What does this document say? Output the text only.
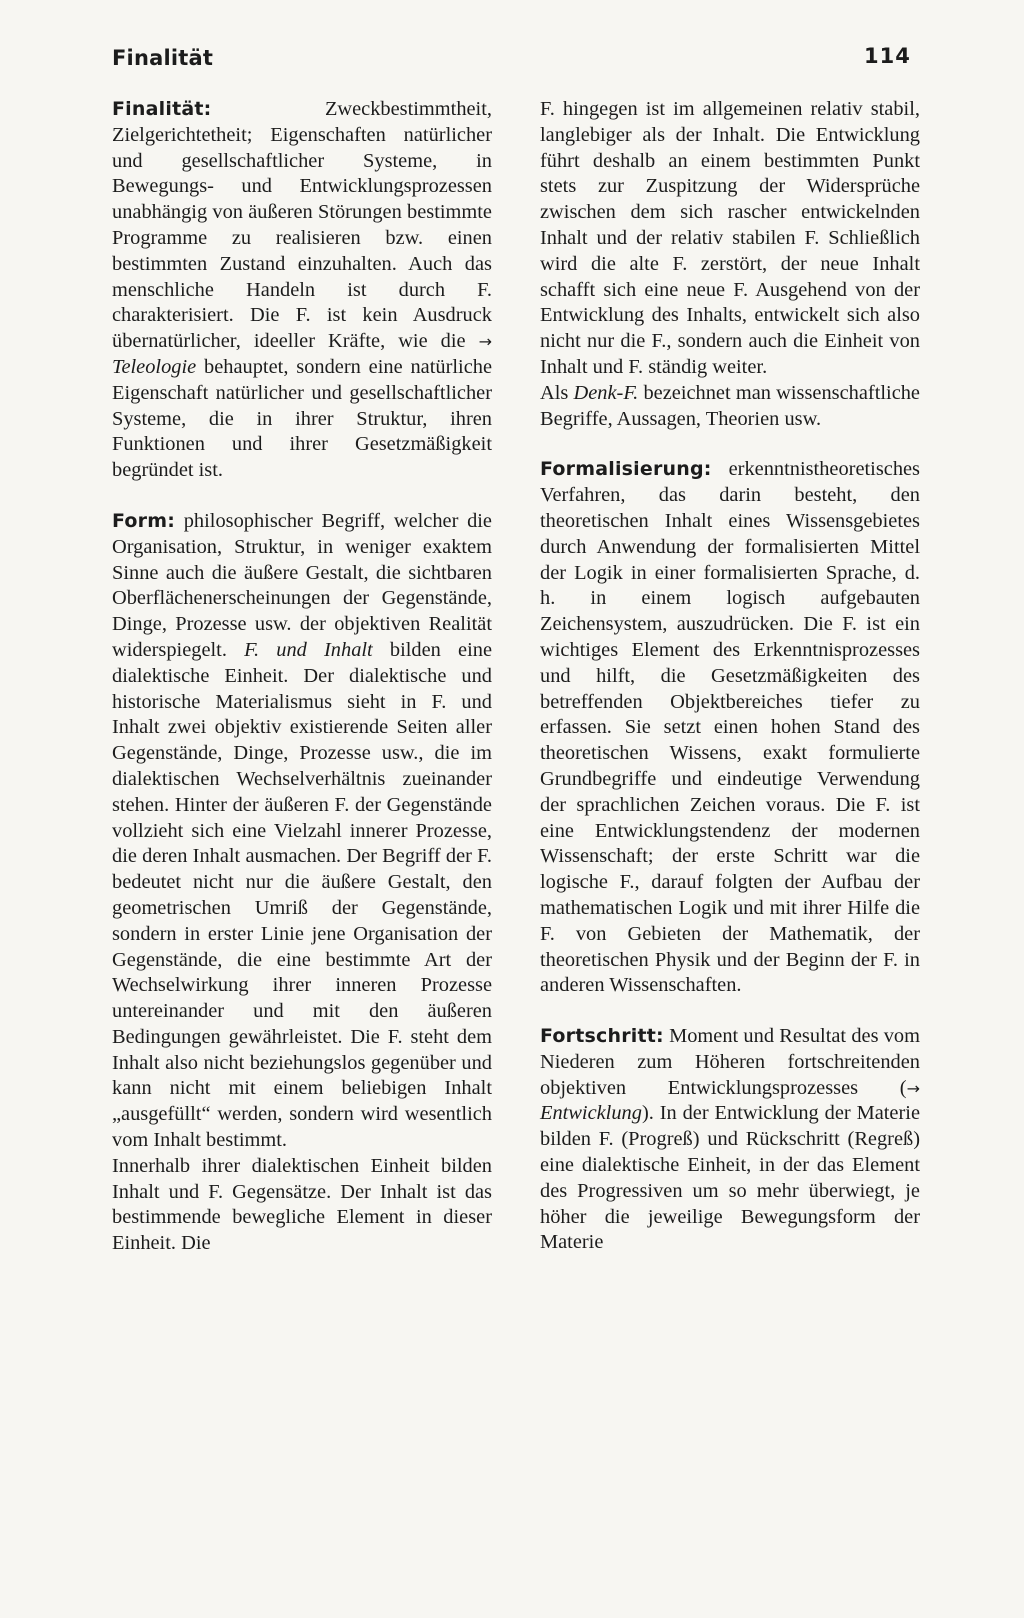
Finalität	114

Finalität: Zweckbestimmtheit, Zielgerichtetheit; Eigenschaften natürlicher und gesellschaftlicher Systeme, in Bewegungs- und Entwicklungsprozessen unabhängig von äußeren Störungen bestimmte Programme zu realisieren bzw. einen bestimmten Zustand einzuhalten. Auch das menschliche Handeln ist durch F. charakterisiert. Die F. ist kein Ausdruck übernatürlicher, ideeller Kräfte, wie die → Teleologie behauptet, sondern eine natürliche Eigenschaft natürlicher und gesellschaftlicher Systeme, die in ihrer Struktur, ihren Funktionen und ihrer Gesetzmäßigkeit begründet ist.

Form: philosophischer Begriff, welcher die Organisation, Struktur, in weniger exaktem Sinne auch die äußere Gestalt, die sichtbaren Oberflächenerscheinungen der Gegenstände, Dinge, Prozesse usw. der objektiven Realität widerspiegelt. F. und Inhalt bilden eine dialektische Einheit. Der dialektische und historische Materialismus sieht in F. und Inhalt zwei objektiv existierende Seiten aller Gegenstände, Dinge, Prozesse usw., die im dialektischen Wechselverhältnis zueinander stehen. Hinter der äußeren F. der Gegenstände vollzieht sich eine Vielzahl innerer Prozesse, die deren Inhalt ausmachen. Der Begriff der F. bedeutet nicht nur die äußere Gestalt, den geometrischen Umriß der Gegenstände, sondern in erster Linie jene Organisation der Gegenstände, die eine bestimmte Art der Wechselwirkung ihrer inneren Prozesse untereinander und mit den äußeren Bedingungen gewährleistet. Die F. steht dem Inhalt also nicht beziehungslos gegenüber und kann nicht mit einem beliebigen Inhalt „ausgefüllt“ werden, sondern wird wesentlich vom Inhalt bestimmt.

Innerhalb ihrer dialektischen Einheit bilden Inhalt und F. Gegensätze. Der Inhalt ist das bestimmende bewegliche Element in dieser Einheit. Die

F. hingegen ist im allgemeinen relativ stabil, langlebiger als der Inhalt. Die Entwicklung führt deshalb an einem bestimmten Punkt stets zur Zuspitzung der Widersprüche zwischen dem sich rascher entwickelnden Inhalt und der relativ stabilen F. Schließlich wird die alte F. zerstört, der neue Inhalt schafft sich eine neue F. Ausgehend von der Entwicklung des Inhalts, entwickelt sich also nicht nur die F., sondern auch die Einheit von Inhalt und F. ständig weiter.

Als Denk-F. bezeichnet man wissenschaftliche Begriffe, Aussagen, Theorien usw.

Formalisierung: erkenntnistheoretisches Verfahren, das darin besteht, den theoretischen Inhalt eines Wissensgebietes durch Anwendung der formalisierten Mittel der Logik in einer formalisierten Sprache, d. h. in einem logisch aufgebauten Zeichensystem, auszudrücken. Die F. ist ein wichtiges Element des Erkenntnisprozesses und hilft, die Gesetzmäßigkeiten des betreffenden Objektbereiches tiefer zu erfassen. Sie setzt einen hohen Stand des theoretischen Wissens, exakt formulierte Grundbegriffe und eindeutige Verwendung der sprachlichen Zeichen voraus. Die F. ist eine Entwicklungstendenz der modernen Wissenschaft; der erste Schritt war die logische F., darauf folgten der Aufbau der mathematischen Logik und mit ihrer Hilfe die F. von Gebieten der Mathematik, der theoretischen Physik und der Beginn der F. in anderen Wissenschaften.

Fortschritt: Moment und Resultat des vom Niederen zum Höheren fortschreitenden objektiven Entwicklungsprozesses (→ Entwicklung). In der Entwicklung der Materie bilden F. (Progreß) und Rückschritt (Regreß) eine dialektische Einheit, in der das Element des Progressiven um so mehr überwiegt, je höher die jeweilige Bewegungsform der Materie
